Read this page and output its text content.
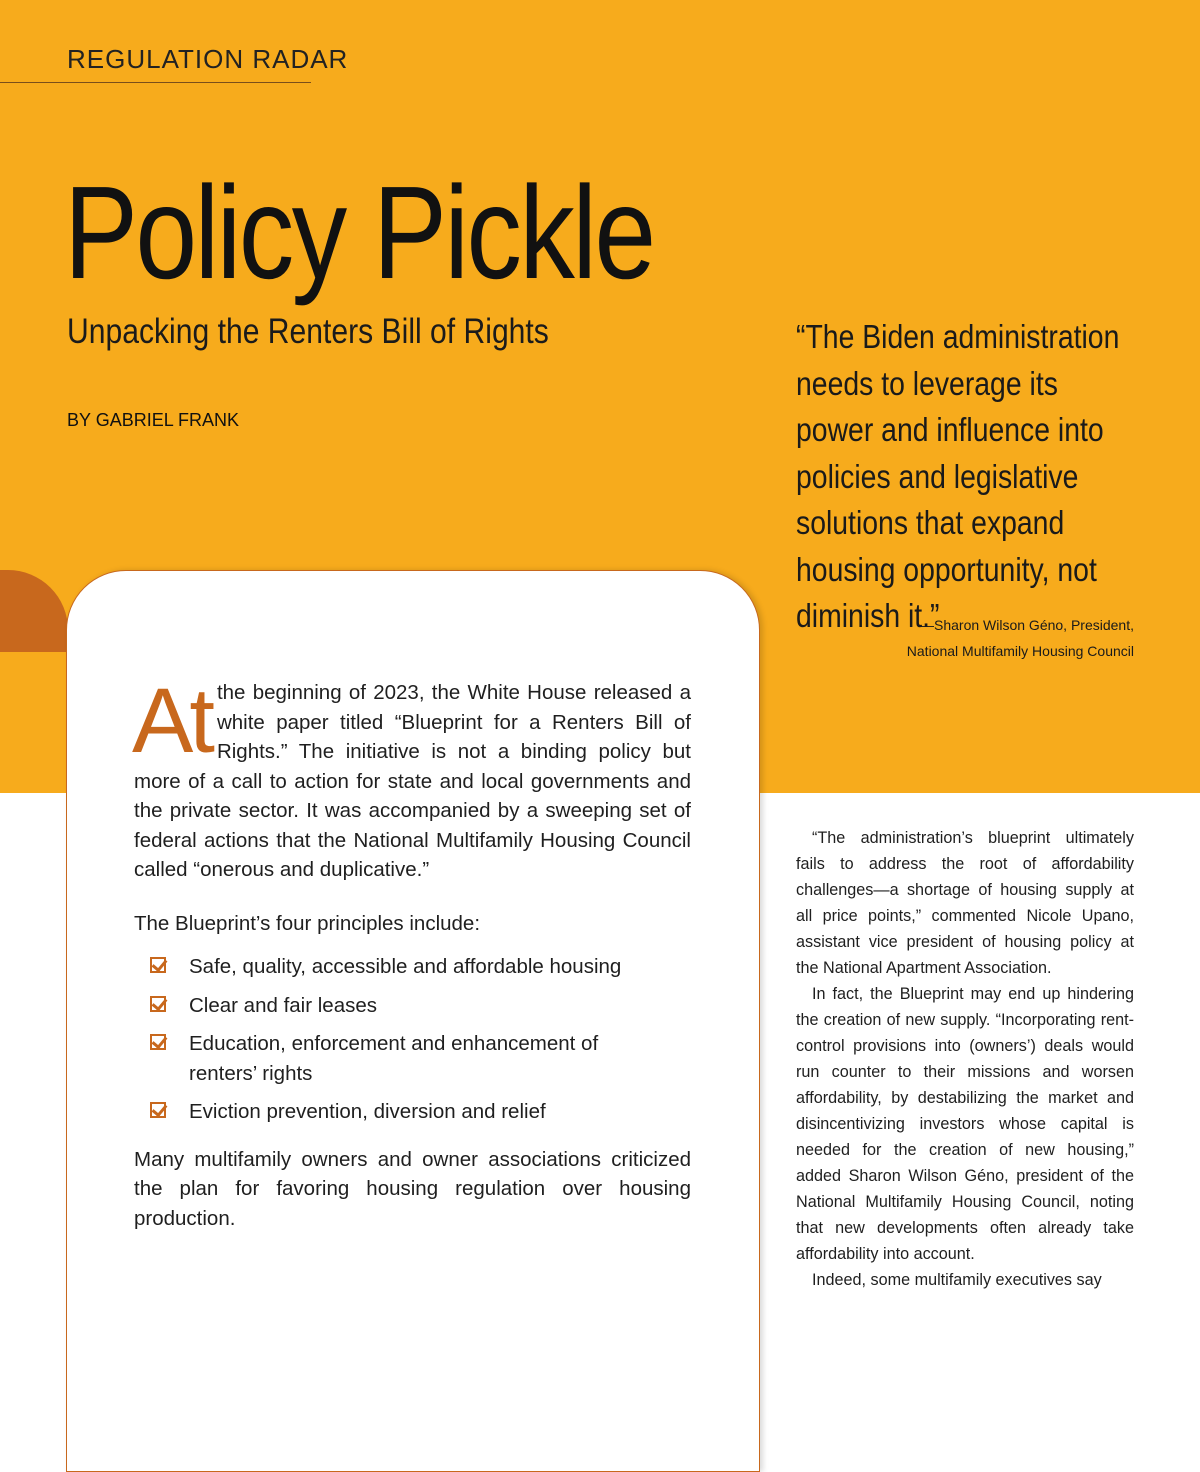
REGULATION RADAR

Policy Pickle
Unpacking the Renters Bill of Rights

BY GABRIEL FRANK

“The Biden administration needs to leverage its power and influence into policies and legislative solutions that expand housing opportunity, not diminish it.”

—Sharon Wilson Géno, President,
National Multifamily Housing Council

At the beginning of 2023, the White House released a white paper titled “Blueprint for a Renters Bill of Rights.” The initiative is not a binding policy but more of a call to action for state and local governments and the private sector. It was accompanied by a sweeping set of federal actions that the National Multifamily Housing Council called “onerous and duplicative.”

The Blueprint’s four principles include:

Safe, quality, accessible and affordable housing
Clear and fair leases
Education, enforcement and enhancement of renters’ rights
Eviction prevention, diversion and relief

Many multifamily owners and owner associations criticized the plan for favoring housing regulation over housing production.

“The administration’s blueprint ultimately fails to address the root of affordability challenges—a shortage of housing supply at all price points,” commented Nicole Upano, assistant vice president of housing policy at the National Apartment Association.

In fact, the Blueprint may end up hindering the creation of new supply. “Incorporating rent-control provisions into (owners’) deals would run counter to their missions and worsen affordability, by destabilizing the market and disincentivizing investors whose capital is needed for the creation of new housing,” added Sharon Wilson Géno, president of the National Multifamily Housing Council, noting that new developments often already take affordability into account.

Indeed, some multifamily executives say
